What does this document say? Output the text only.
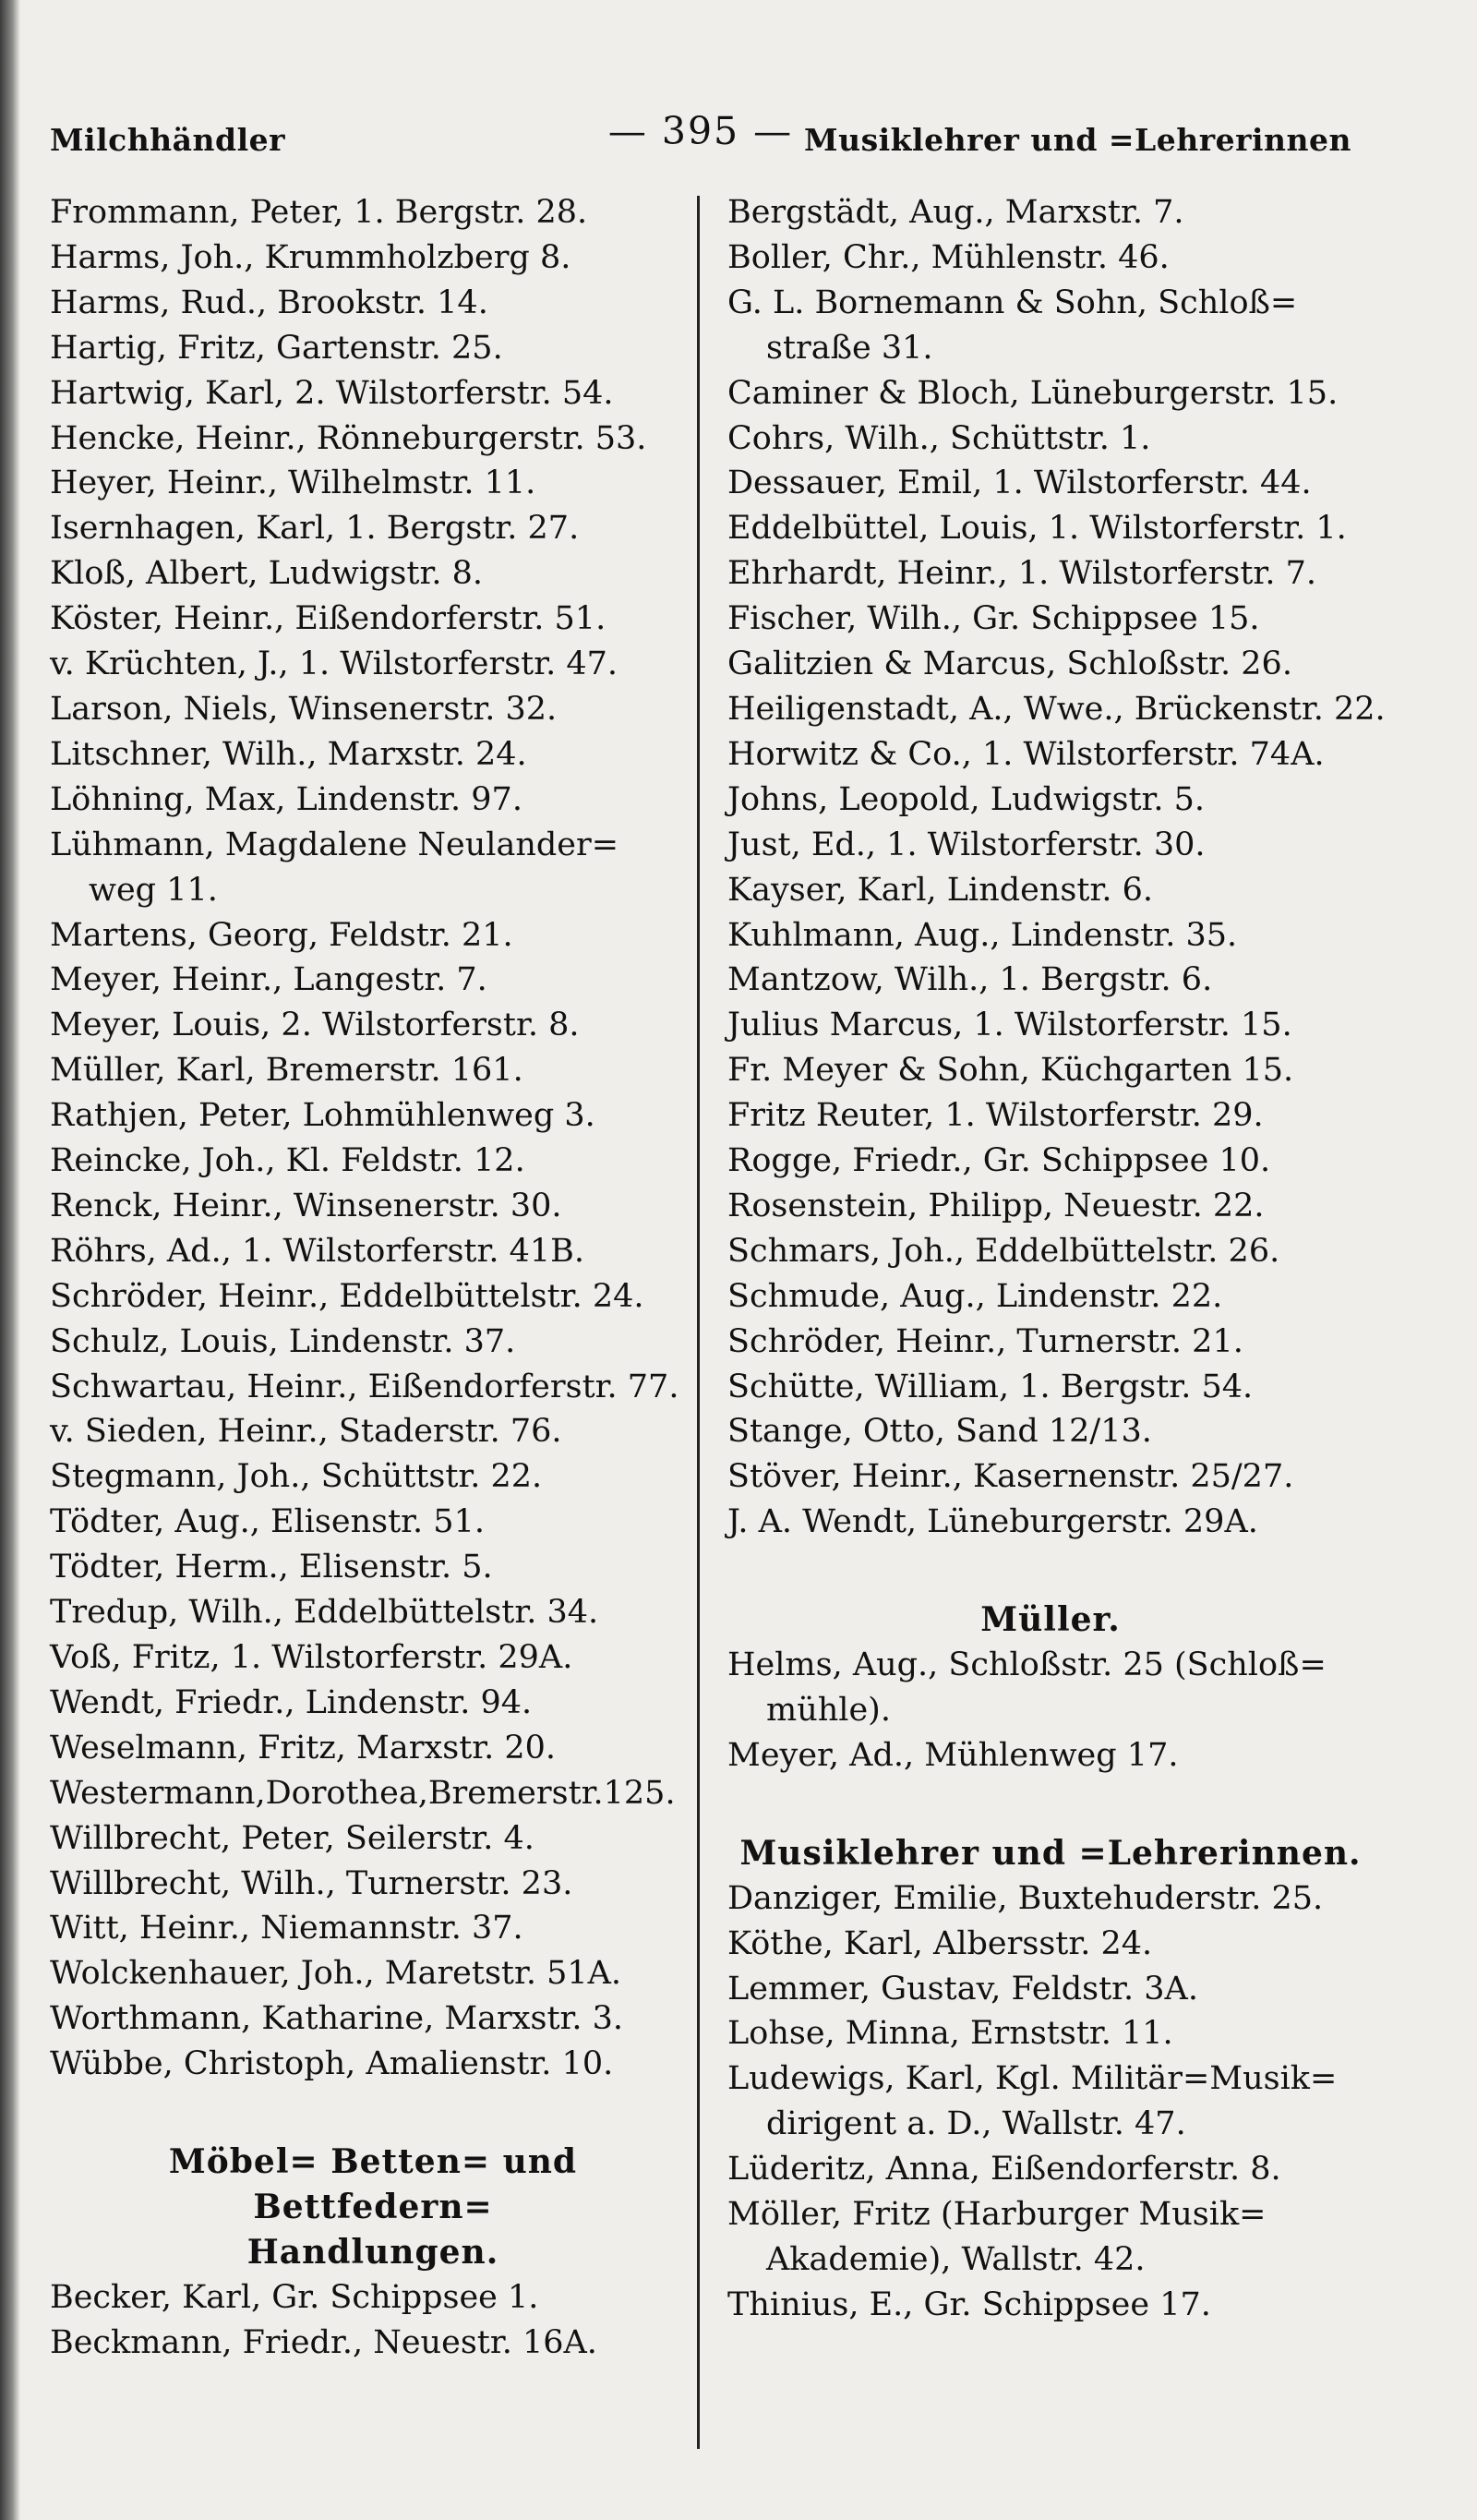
Milchhändler	— 395 — Musiklehrer und =Lehrerinnen
Frommann, Peter, 1. Bergstr. 28.
Harms, Joh., Krummholzberg 8.
Harms, Rud., Brookstr. 14.
Hartig, Fritz, Gartenstr. 25.
Hartwig, Karl, 2. Wilstorferstr. 54.
Hencke, Heinr., Rönneburgerstr. 53.
Heyer, Heinr., Wilhelmstr. 11.
Isernhagen, Karl, 1. Bergstr. 27.
Kloß, Albert, Ludwigstr. 8.
Köster, Heinr., Eißendorferstr. 51.
v. Krüchten, J., 1. Wilstorferstr. 47.
Larson, Niels, Winsenerstr. 32.
Litschner, Wilh., Marxstr. 24.
Löhning, Max, Lindenstr. 97.
Lühmann, Magdalene Neulander= weg 11.
Martens, Georg, Feldstr. 21.
Meyer, Heinr., Langestr. 7.
Meyer, Louis, 2. Wilstorferstr. 8.
Müller, Karl, Bremerstr. 161.
Rathjen, Peter, Lohmühlenweg 3.
Reincke, Joh., Kl. Feldstr. 12.
Renck, Heinr., Winsenerstr. 30.
Röhrs, Ad., 1. Wilstorferstr. 41B.
Schröder, Heinr., Eddelbüttelstr. 24.
Schulz, Louis, Lindenstr. 37.
Schwartau, Heinr., Eißendorferstr. 77.
v. Sieden, Heinr., Staderstr. 76.
Stegmann, Joh., Schüttstr. 22.
Tödter, Aug., Elisenstr. 51.
Tödter, Herm., Elisenstr. 5.
Tredup, Wilh., Eddelbüttelstr. 34.
Voß, Fritz, 1. Wilstorferstr. 29A.
Wendt, Friedr., Lindenstr. 94.
Weselmann, Fritz, Marxstr. 20.
Westermann,Dorothea,Bremerstr.125.
Willbrecht, Peter, Seilerstr. 4.
Willbrecht, Wilh., Turnerstr. 23.
Witt, Heinr., Niemannstr. 37.
Wolckenhauer, Joh., Maretstr. 51A.
Worthmann, Katharine, Marxstr. 3.
Wübbe, Christoph, Amalienstr. 10.
Möbel= Betten= und Bettfedern=
Handlungen.
Becker, Karl, Gr. Schippsee 1.
Beckmann, Friedr., Neuestr. 16A.
Bergstädt, Aug., Marxstr. 7.
Boller, Chr., Mühlenstr. 46.
G. L. Bornemann & Sohn, Schloß= straße 31.
Caminer & Bloch, Lüneburgerstr. 15.
Cohrs, Wilh., Schüttstr. 1.
Dessauer, Emil, 1. Wilstorferstr. 44.
Eddelbüttel, Louis, 1. Wilstorferstr. 1.
Ehrhardt, Heinr., 1. Wilstorferstr. 7.
Fischer, Wilh., Gr. Schippsee 15.
Galitzien & Marcus, Schloßstr. 26.
Heiligenstadt, A., Wwe., Brückenstr. 22.
Horwitz & Co., 1. Wilstorferstr. 74A.
Johns, Leopold, Ludwigstr. 5.
Just, Ed., 1. Wilstorferstr. 30.
Kayser, Karl, Lindenstr. 6.
Kuhlmann, Aug., Lindenstr. 35.
Mantzow, Wilh., 1. Bergstr. 6.
Julius Marcus, 1. Wilstorferstr. 15.
Fr. Meyer & Sohn, Küchgarten 15.
Fritz Reuter, 1. Wilstorferstr. 29.
Rogge, Friedr., Gr. Schippsee 10.
Rosenstein, Philipp, Neuestr. 22.
Schmars, Joh., Eddelbüttelstr. 26.
Schmude, Aug., Lindenstr. 22.
Schröder, Heinr., Turnerstr. 21.
Schütte, William, 1. Bergstr. 54.
Stange, Otto, Sand 12/13.
Stöver, Heinr., Kasernenstr. 25/27.
J. A. Wendt, Lüneburgerstr. 29A.
Müller.
Helms, Aug., Schloßstr. 25 (Schloß= mühle).
Meyer, Ad., Mühlenweg 17.
Musiklehrer und =Lehrerinnen.
Danziger, Emilie, Buxtehuderstr. 25.
Köthe, Karl, Albersstr. 24.
Lemmer, Gustav, Feldstr. 3A.
Lohse, Minna, Ernststr. 11.
Ludewigs, Karl, Kgl. Militär=Musik= dirigent a. D., Wallstr. 47.
Lüderitz, Anna, Eißendorferstr. 8.
Möller, Fritz (Harburger Musik= Akademie), Wallstr. 42.
Thinius, E., Gr. Schippsee 17.
